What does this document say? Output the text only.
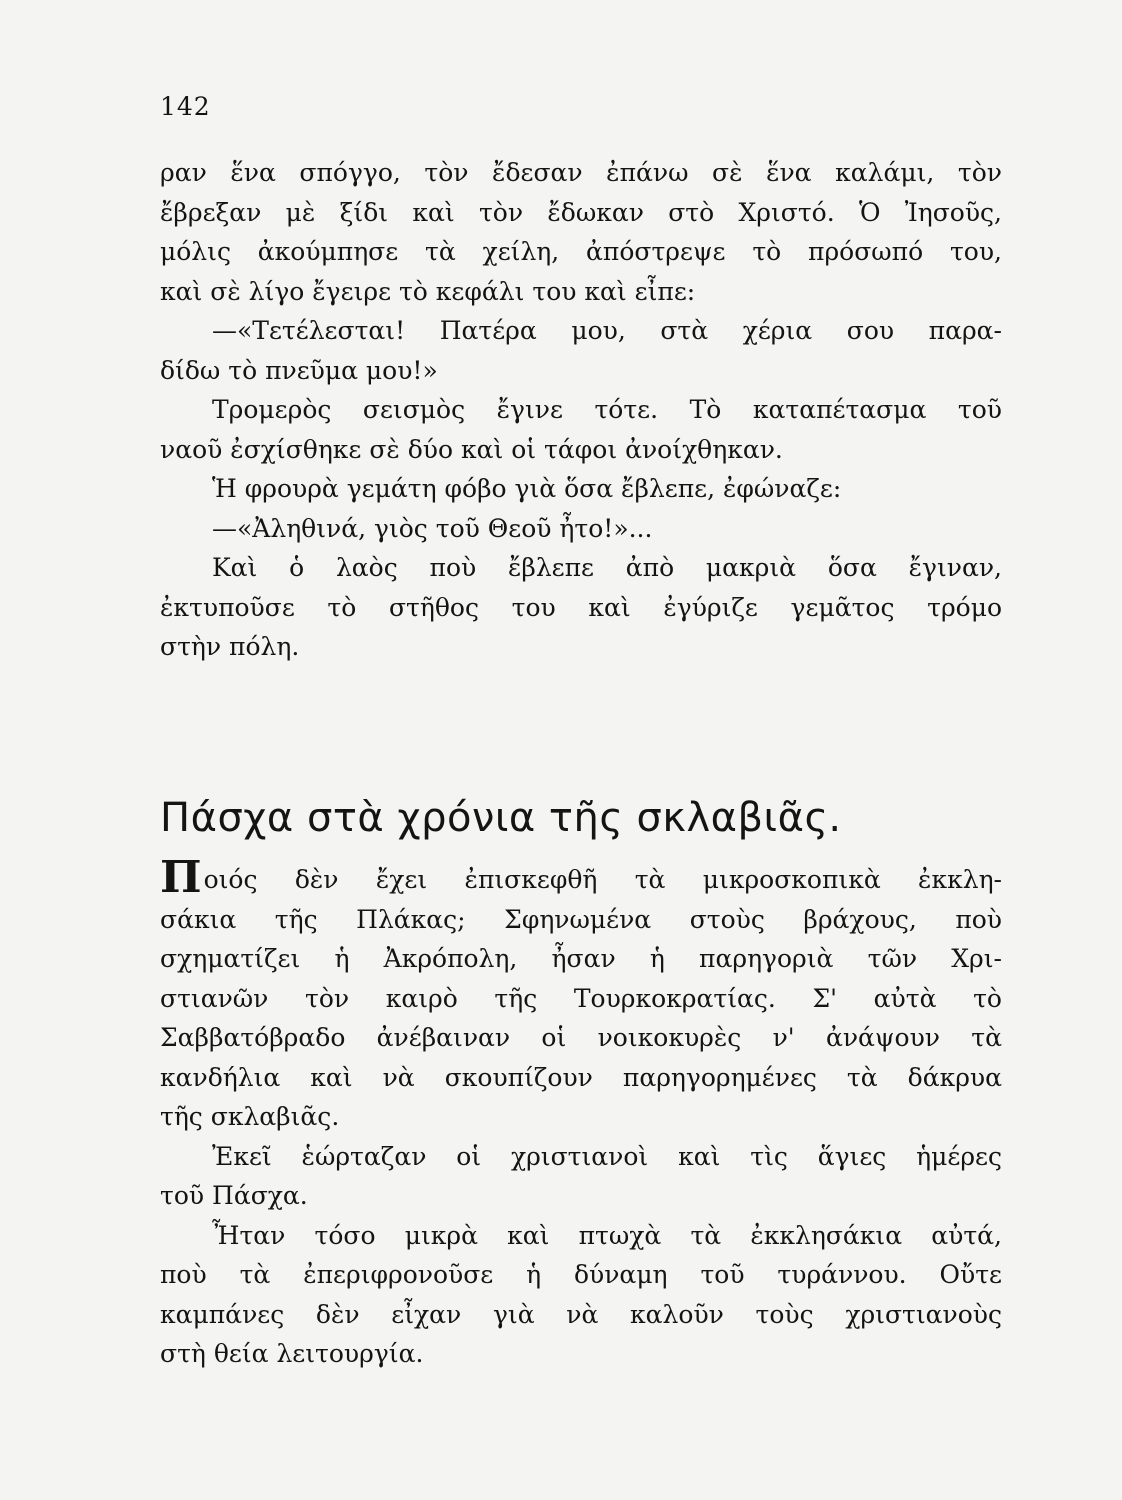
142
ραν ἕνα σπόγγο, τὸν ἔδεσαν ἐπάνω σὲ ἕνα καλάμι, τὸν
ἔβρεξαν μὲ ξίδι καὶ τὸν ἔδωκαν στὸ Χριστό. Ὁ Ἰησοῦς,
μόλις ἀκούμπησε τὰ χείλη, ἀπόστρεψε τὸ πρόσωπό του,
καὶ σὲ λίγο ἔγειρε τὸ κεφάλι του καὶ εἶπε:
—«Τετέλεσται! Πατέρα μου, στὰ χέρια σου παρα-
δίδω τὸ πνεῦμα μου!»
Τρομερὸς σεισμὸς ἔγινε τότε. Τὸ καταπέτασμα τοῦ
ναοῦ ἐσχίσθηκε σὲ δύο καὶ οἱ τάφοι ἀνοίχθηκαν.
Ἡ φρουρὰ γεμάτη φόβο γιὰ ὅσα ἔβλεπε, ἐφώναζε:
—«Ἀληθινά, γιὸς τοῦ Θεοῦ ἦτο!»...
Καὶ ὁ λαὸς ποὺ ἔβλεπε ἀπὸ μακριὰ ὅσα ἔγιναν,
ἐκτυποῦσε τὸ στῆθος του καὶ ἐγύριζε γεμᾶτος τρόμο
στὴν πόλη.
Πάσχα στὰ χρόνια τῆς σκλαβιᾶς.
Ποιός δὲν ἔχει ἐπισκεφθῆ τὰ μικροσκοπικὰ ἐκκλη-
σάκια τῆς Πλάκας; Σφηνωμένα στοὺς βράχους, ποὺ
σχηματίζει ἡ Ἀκρόπολη, ἦσαν ἡ παρηγοριὰ τῶν Χρι-
στιανῶν τὸν καιρὸ τῆς Τουρκοκρατίας. Σ' αὐτὰ τὸ
Σαββατόβραδο ἀνέβαιναν οἱ νοικοκυρὲς ν' ἀνάψουν τὰ
κανδήλια καὶ νὰ σκουπίζουν παρηγορημένες τὰ δάκρυα
τῆς σκλαβιᾶς.
Ἐκεῖ ἑώρταζαν οἱ χριστιανοὶ καὶ τὶς ἅγιες ἡμέρες
τοῦ Πάσχα.
Ἦταν τόσο μικρὰ καὶ πτωχὰ τὰ ἐκκλησάκια αὐτά,
ποὺ τὰ ἐπεριφρονοῦσε ἡ δύναμη τοῦ τυράννου. Οὔτε
καμπάνες δὲν εἶχαν γιὰ νὰ καλοῦν τοὺς χριστιανοὺς
στὴ θεία λειτουργία.
